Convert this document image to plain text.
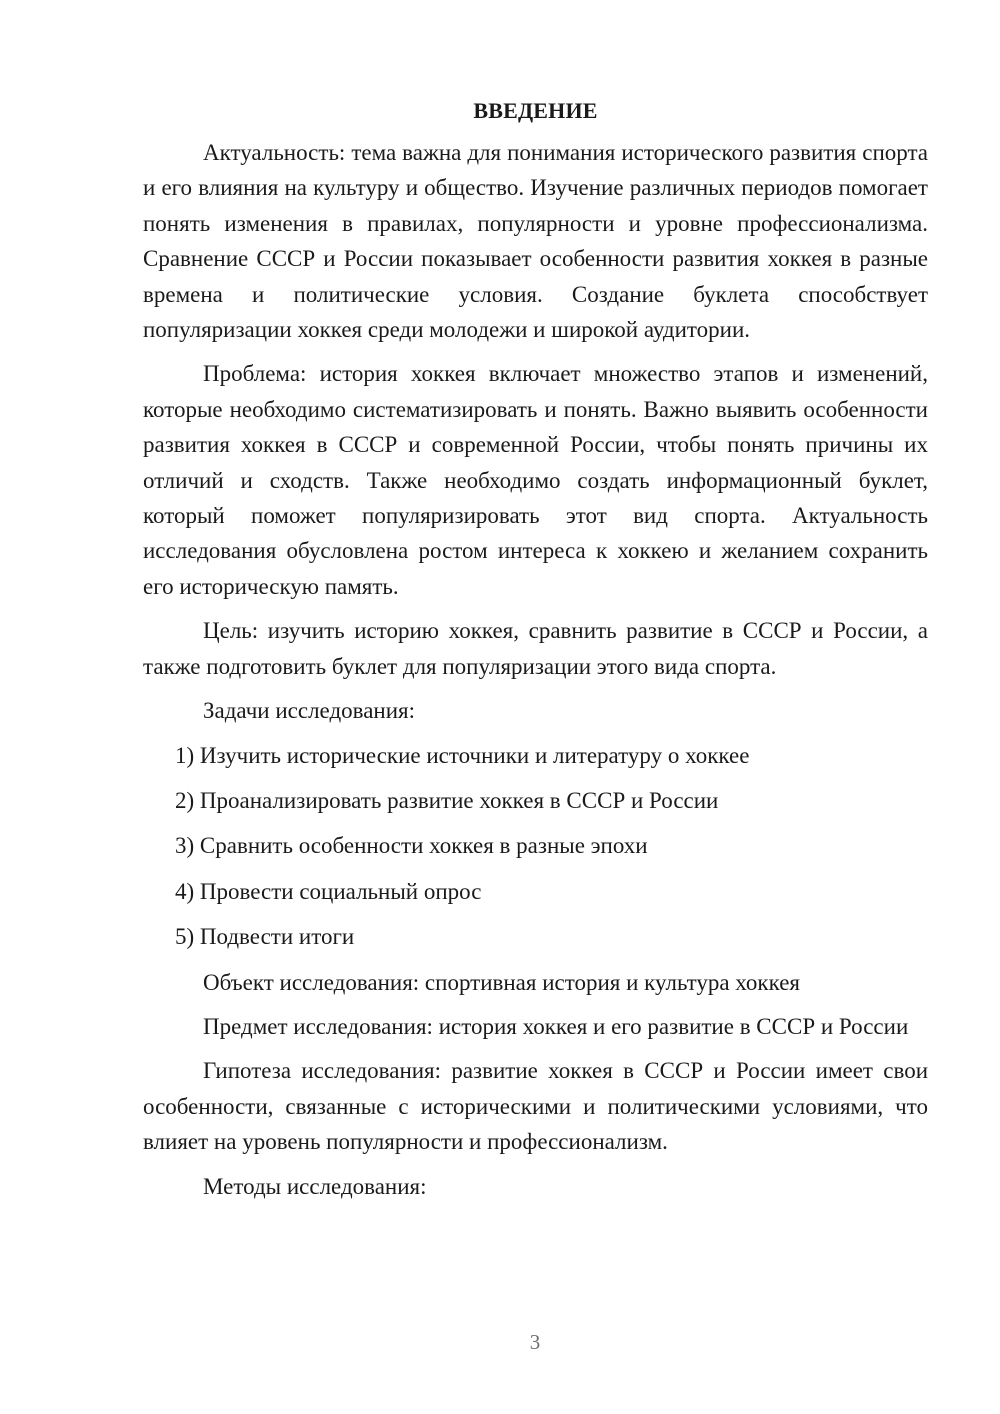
ВВЕДЕНИЕ

Актуальность: тема важна для понимания исторического развития спорта и его влияния на культуру и общество. Изучение различных периодов помогает понять изменения в правилах, популярности и уровне профессионализма. Сравнение СССР и России показывает особенности развития хоккея в разные времена и политические условия. Создание буклета способствует популяризации хоккея среди молодежи и широкой аудитории.

Проблема: история хоккея включает множество этапов и изменений, которые необходимо систематизировать и понять. Важно выявить особенности развития хоккея в СССР и современной России, чтобы понять причины их отличий и сходств. Также необходимо создать информационный буклет, который поможет популяризировать этот вид спорта. Актуальность исследования обусловлена ростом интереса к хоккею и желанием сохранить его историческую память.

Цель: изучить историю хоккея, сравнить развитие в СССР и России, а также подготовить буклет для популяризации этого вида спорта.

Задачи исследования:

1) Изучить исторические источники и литературу о хоккее
2) Проанализировать развитие хоккея в СССР и России
3) Сравнить особенности хоккея в разные эпохи
4) Провести социальный опрос
5) Подвести итоги

Объект исследования: спортивная история и культура хоккея

Предмет исследования: история хоккея и его развитие в СССР и России

Гипотеза исследования: развитие хоккея в СССР и России имеет свои особенности, связанные с историческими и политическими условиями, что влияет на уровень популярности и профессионализм.

Методы исследования:

3
